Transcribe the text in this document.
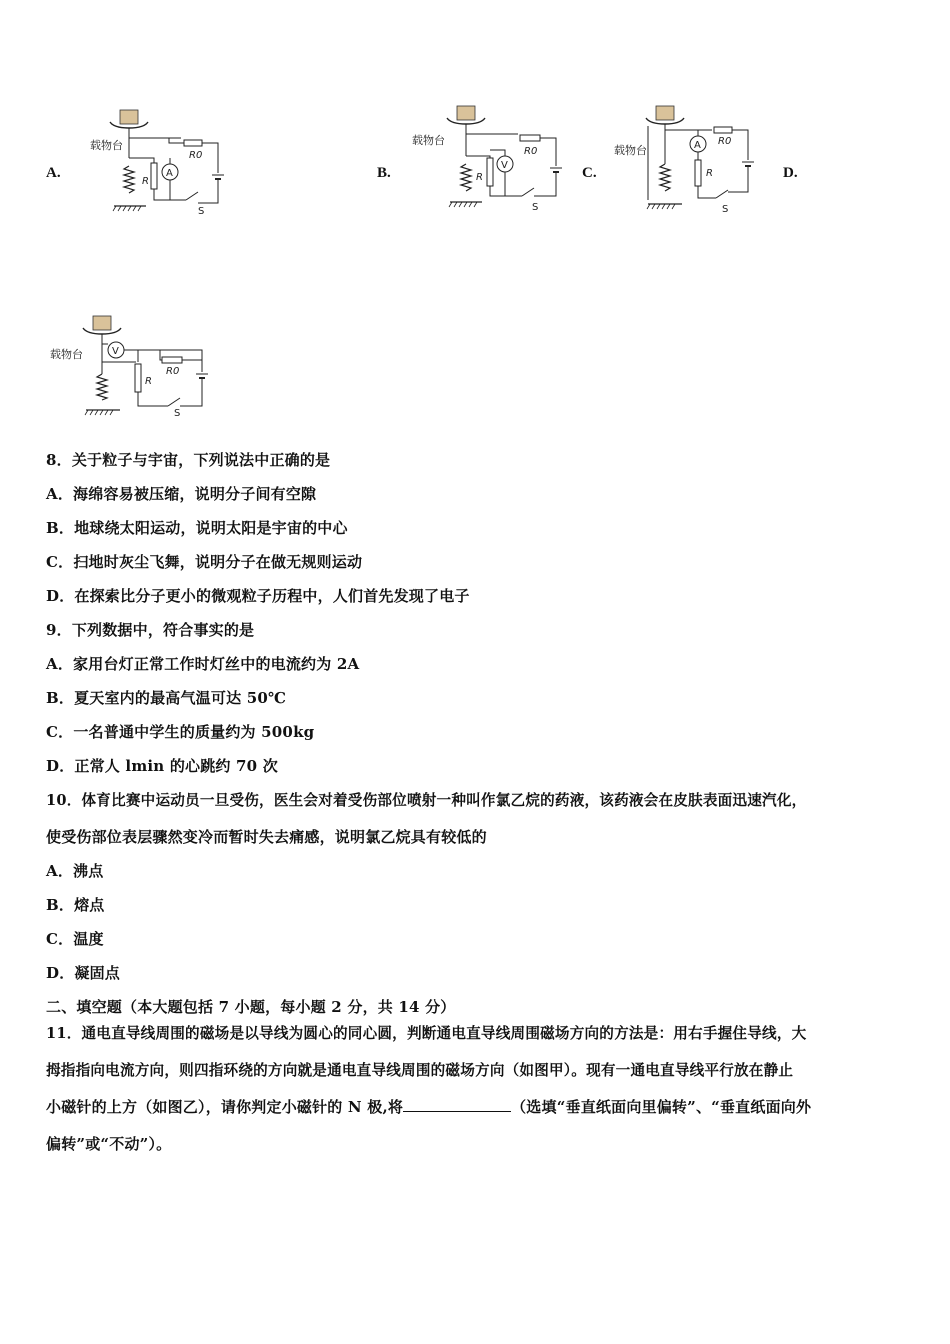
A.	B.	C.	D.
载物台
R0
A
S
R
载物台
R0
V
S
R
载物台
R0
A
R
S
载物台	V
R0
R
S
8．关于粒子与宇宙，下列说法中正确的是
A．海绵容易被压缩，说明分子间有空隙
B．地球绕太阳运动，说明太阳是宇宙的中心
C．扫地时灰尘飞舞，说明分子在做无规则运动
D．在探索比分子更小的微观粒子历程中，人们首先发现了电子
9．下列数据中，符合事实的是
A．家用台灯正常工作时灯丝中的电流约为 2A
B．夏天室内的最高气温可达 50℃
C．一名普通中学生的质量约为 500kg
D．正常人 lmin 的心跳约 70 次
10．体育比赛中运动员一旦受伤，医生会对着受伤部位喷射一种叫作氯乙烷的药液，该药液会在皮肤表面迅速汽化，
使受伤部位表层骤然变冷而暂时失去痛感，说明氯乙烷具有较低的
A．沸点
B．熔点
C．温度
D．凝固点
二、填空题（本大题包括 7 小题，每小题 2 分，共 14 分）
11．通电直导线周围的磁场是以导线为圆心的同心圆，判断通电直导线周围磁场方向的方法是：用右手握住导线，大
拇指指向电流方向，则四指环绕的方向就是通电直导线周围的磁场方向（如图甲）。现有一通电直导线平行放在静止
小磁针的上方（如图乙），请你判定小磁针的 N 极,将	（选填“垂直纸面向里偏转”、“垂直纸面向外
偏转”或“不动”）。
